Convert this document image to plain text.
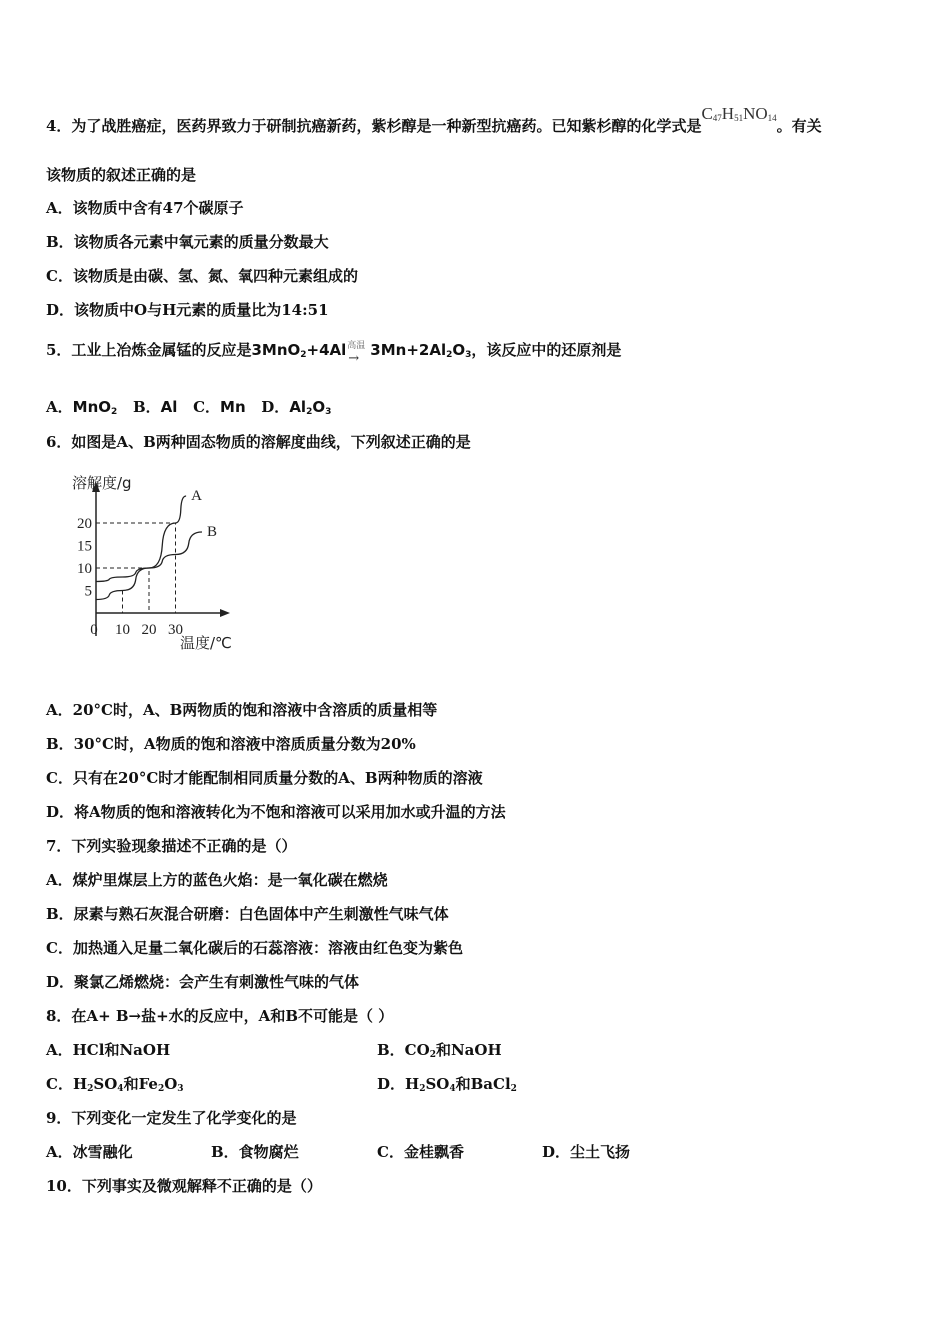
4．为了战胜癌症，医药界致力于研制抗癌新药，紫杉醇是一种新型抗癌药。已知紫杉醇的化学式是$C_{47}H_{51}NO_{14}$。有关
该物质的叙述正确的是
A．该物质中含有47个碳原子
B．该物质各元素中氧元素的质量分数最大
C．该物质是由碳、氢、氮、氧四种元素组成的
D．该物质中O与H元素的质量比为14:51
5．工业上冶炼金属锰的反应是3MnO$_2$+4Al 高温
→ $3Mn+2Al_2O_3$，该反应中的还原剂是
A．MnO$_2$ B．Al C．Mn D．$Al_2O_3$
6．如图是A、B两种固态物质的溶解度曲线，下列叙述正确的是
溶解度/g
温度/℃
5
10
15
20
0 10 20 30
A
B
A．20°C时，A、B两物质的饱和溶液中含溶质的质量相等
B．30°C时，A物质的饱和溶液中溶质质量分数为20%
C．只有在20°C时才能配制相同质量分数的A、B两种物质的溶液
D．将A物质的饱和溶液转化为不饱和溶液可以采用加水或升温的方法
7．下列实验现象描述不正确的是（）
A．煤炉里煤层上方的蓝色火焰：是一氧化碳在燃烧
B．尿素与熟石灰混合研磨：白色固体中产生刺激性气味气体
C．加热通入足量二氧化碳后的石蕊溶液：溶液由红色变为紫色
D．聚氯乙烯燃烧：会产生有刺激性气味的气体
8．在A+ B→盐+水的反应中，A和B不可能是（ ）
A．HCl和NaOH	B．$CO_2$和NaOH
C．$H_2SO_4$和$Fe_2O_3$	D．$H_2SO_4$和BaCl$_2$
9．下列变化一定发生了化学变化的是
A．冰雪融化	B．食物腐烂	C．金桂飘香	D．尘土飞扬
10．下列事实及微观解释不正确的是（）
